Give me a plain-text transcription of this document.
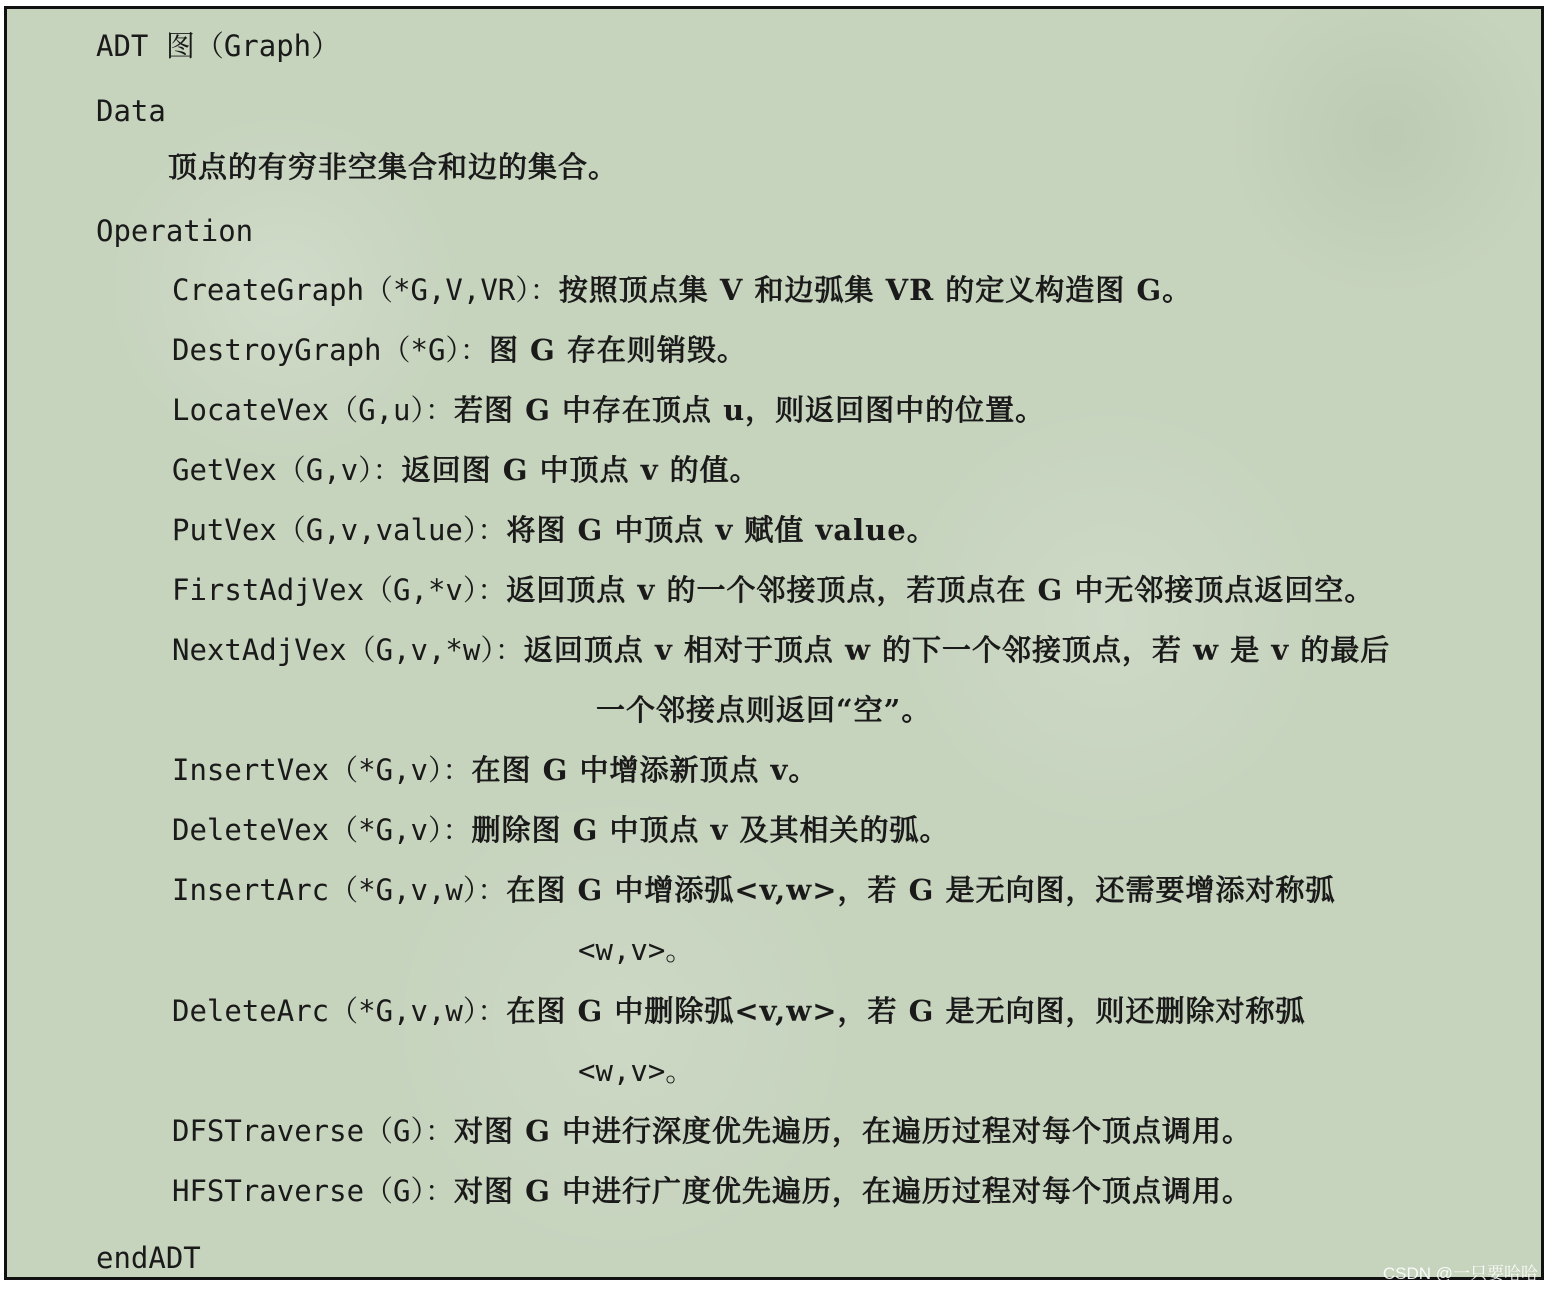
ADT 图（Graph）
Data
顶点的有穷非空集合和边的集合。
Operation
CreateGraph（*G,V,VR）：按照顶点集 V 和边弧集 VR 的定义构造图 G。
DestroyGraph（*G）：图 G 存在则销毁。
LocateVex（G,u）：若图 G 中存在顶点 u，则返回图中的位置。
GetVex（G,v）：返回图 G 中顶点 v 的值。
PutVex（G,v,value）：将图 G 中顶点 v 赋值 value。
FirstAdjVex（G,*v）：返回顶点 v 的一个邻接顶点，若顶点在 G 中无邻接顶点返回空。
NextAdjVex（G,v,*w）：返回顶点 v 相对于顶点 w 的下一个邻接顶点，若 w 是 v 的最后
一个邻接点则返回“空”。
InsertVex（*G,v）：在图 G 中增添新顶点 v。
DeleteVex（*G,v）：删除图 G 中顶点 v 及其相关的弧。
InsertArc（*G,v,w）：在图 G 中增添弧<v,w>，若 G 是无向图，还需要增添对称弧
<w,v>。
DeleteArc（*G,v,w）：在图 G 中删除弧<v,w>，若 G 是无向图，则还删除对称弧
<w,v>。
DFSTraverse（G）：对图 G 中进行深度优先遍历，在遍历过程对每个顶点调用。
HFSTraverse（G）：对图 G 中进行广度优先遍历，在遍历过程对每个顶点调用。
endADT	CSDN @一只要哈哈
